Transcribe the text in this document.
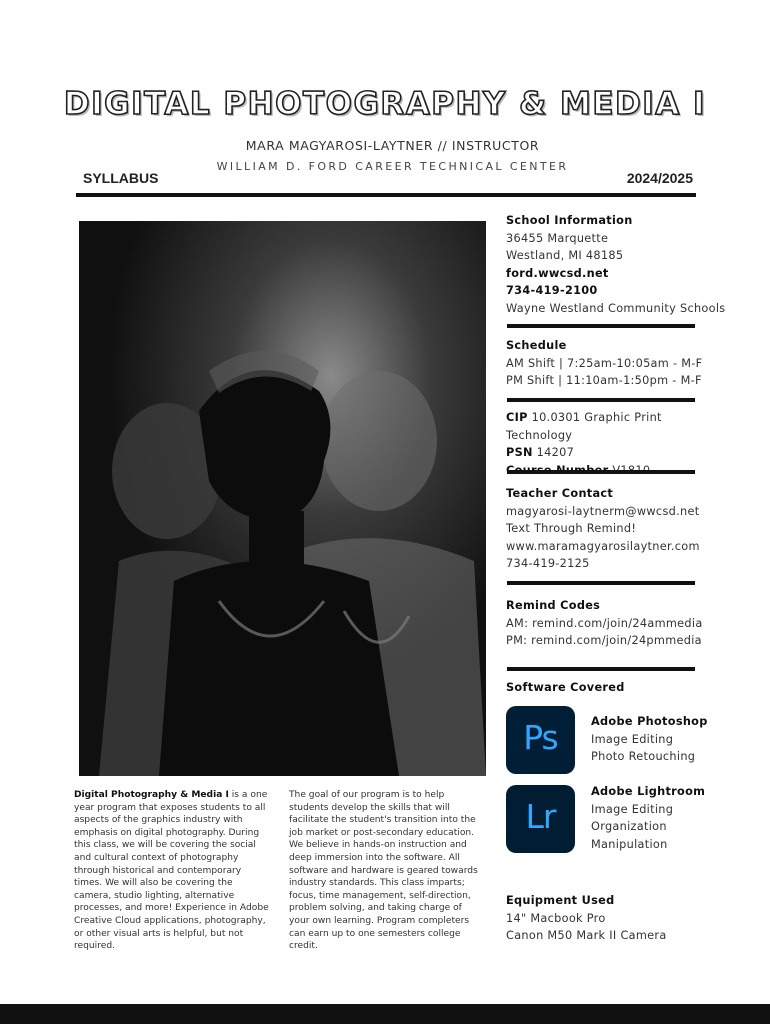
DIGITAL PHOTOGRAPHY & MEDIA I
MARA MAGYAROSI-LAYTNER // INSTRUCTOR
WILLIAM D. FORD CAREER TECHNICAL CENTER
SYLLABUS	2024/2025
Digital Photography & Media I is a one year program that exposes students to all aspects of the graphics industry with emphasis on digital photography. During this class, we will be covering the social and cultural context of photography through historical and contemporary times. We will also be covering the camera, studio lighting, alternative processes, and more! Experience in Adobe Creative Cloud applications, photography, or other visual arts is helpful, but not required.
The goal of our program is to help students develop the skills that will facilitate the student's transition into the job market or post-secondary education. We believe in hands-on instruction and deep immersion into the software. All software and hardware is geared towards industry standards. This class imparts; focus, time management, self-direction, problem solving, and taking charge of your own learning. Program completers can earn up to one semesters college credit.
School Information
36455 Marquette
Westland, MI 48185
ford.wwcsd.net
734-419-2100
Wayne Westland Community Schools
Schedule
AM Shift | 7:25am-10:05am - M-F
PM Shift | 11:10am-1:50pm - M-F
CIP 10.0301 Graphic Print Technology
PSN 14207
Teacher Contact
magyarosi-laytnerm@wwcsd.net
Text Through Remind!
www.maramagyarosilaytner.com
734-419-2125
Remind Codes
AM: remind.com/join/24ammedia
PM: remind.com/join/24pmmedia
Software Covered
Ps	Adobe Photoshop
Image Editing
Photo Retouching
Lr
Adobe Lightroom
Image Editing
Organization
Manipulation
Equipment Used
14" Macbook Pro
Canon M50 Mark II Camera
